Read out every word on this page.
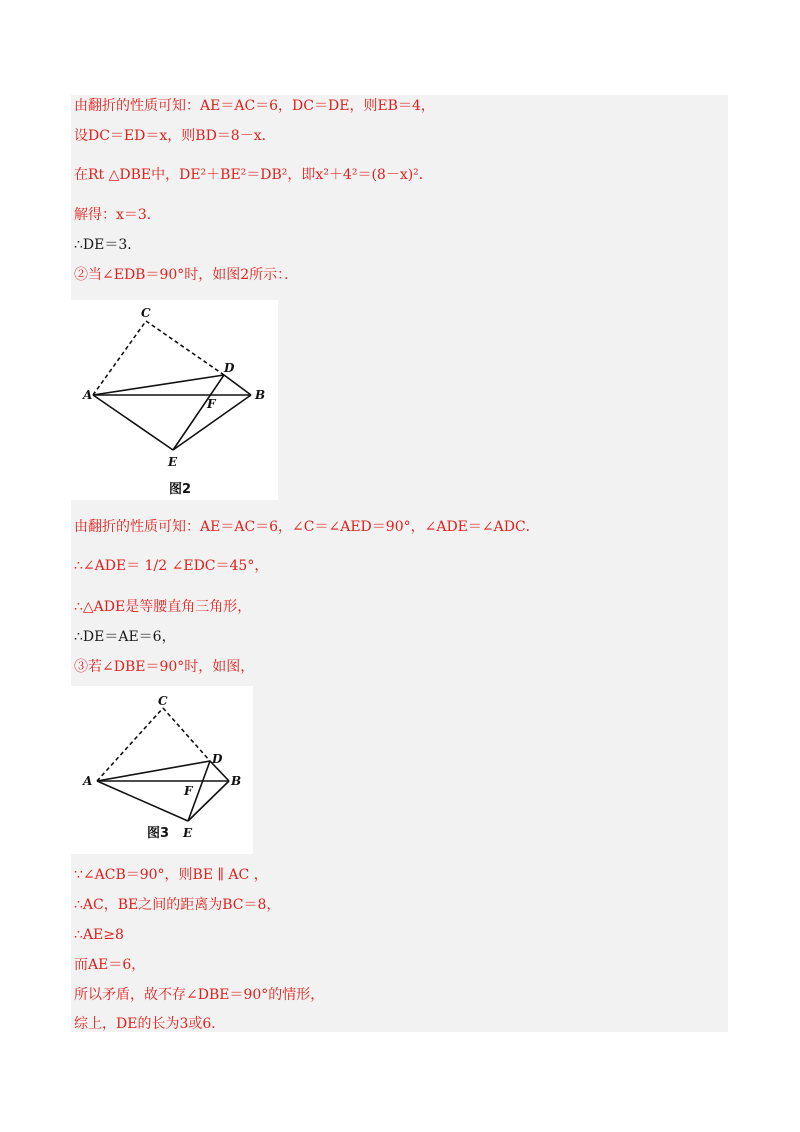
由翻折的性质可知：AE＝AC＝6，DC＝DE，则EB＝4，
设DC＝ED＝x，则BD＝8－x．
在Rt △DBE中，DE²＋BE²＝DB²，即x²＋4²＝(8－x)²．
解得：x＝3．
∴DE＝3．
②当∠EDB＝90°时，如图2所示：．
A	B
C
D
E
F
图2
由翻折的性质可知：AE＝AC＝6，∠C＝∠AED＝90°，∠ADE＝∠ADC．
∴∠ADE＝ 1/2 ∠EDC＝45°，
∴△ADE是等腰直角三角形，
∴DE＝AE＝6，
③若∠DBE＝90°时，如图，
A	B
C
D
E
F
图3
∵∠ACB＝90°，则BE ∥ AC ，
∴AC，BE之间的距离为BC＝8，
∴AE≥8
而AE＝6，
所以矛盾，故不存∠DBE＝90°的情形，
综上，DE的长为3或6.
